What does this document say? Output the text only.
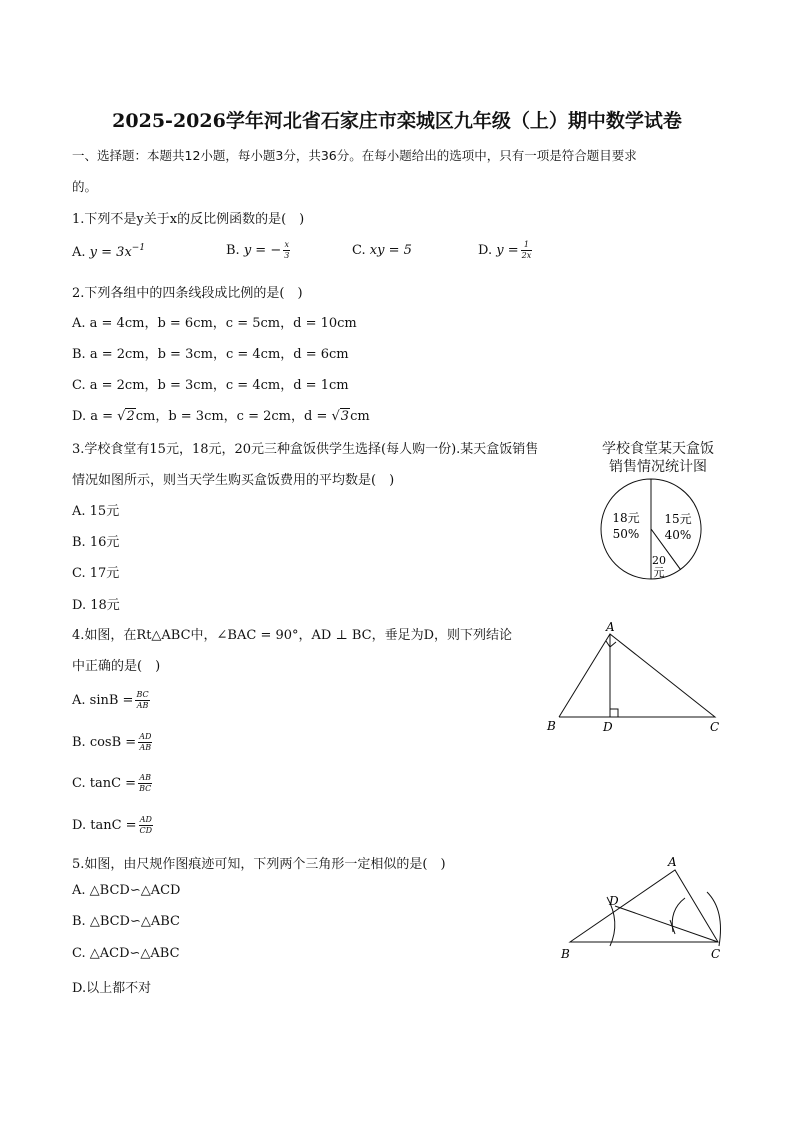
2025-2026学年河北省石家庄市栾城区九年级（上）期中数学试卷
一、选择题：本题共12小题，每小题3分，共36分。在每小题给出的选项中，只有一项是符合题目要求
的。
1.下列不是y关于x的反比例函数的是(　)
A. $y = 3x^{-1}$	B. y = − $\frac{x}{3}$	C. xy = 5	D. $y = \frac{1}{2x}$
2.下列各组中的四条线段成比例的是(　)
A. a = 4cm，b = 6cm，c = 5cm，d = 10cm
B. a = 2cm，b = 3cm，c = 4cm，d = 6cm
C. a = 2cm，b = 3cm，c = 4cm，d = 1cm
D. a = √2cm，b = 3cm，c = 2cm，d = √3cm
3.学校食堂有15元，18元，20元三种盒饭供学生选择(每人购一份).某天盒饭销售
情况如图所示，则当天学生购买盒饭费用的平均数是(　)
A. 15元
B. 16元
C. 17元
D. 18元
学校食堂某天盒饭
销售情况统计图
18元
50%
15元
40%
20 元
4.如图，在Rt△ABC中，∠BAC = 90°，AD ⊥ BC，垂足为D，则下列结论
中正确的是(　)
A. $\sin B = \frac{BC}{AB}$
B. $\cos B = \frac{AD}{AB}$
C. $\tan C = \frac{AB}{BC}$
D. $\tan C = \frac{AD}{CD}$
A
B	D	C
5.如图，由尺规作图痕迹可知，下列两个三角形一定相似的是(　)
A. △BCD∽△ACD
B. △BCD∽△ABC
C. △ACD∽△ABC
D.以上都不对
A
B	C
D
